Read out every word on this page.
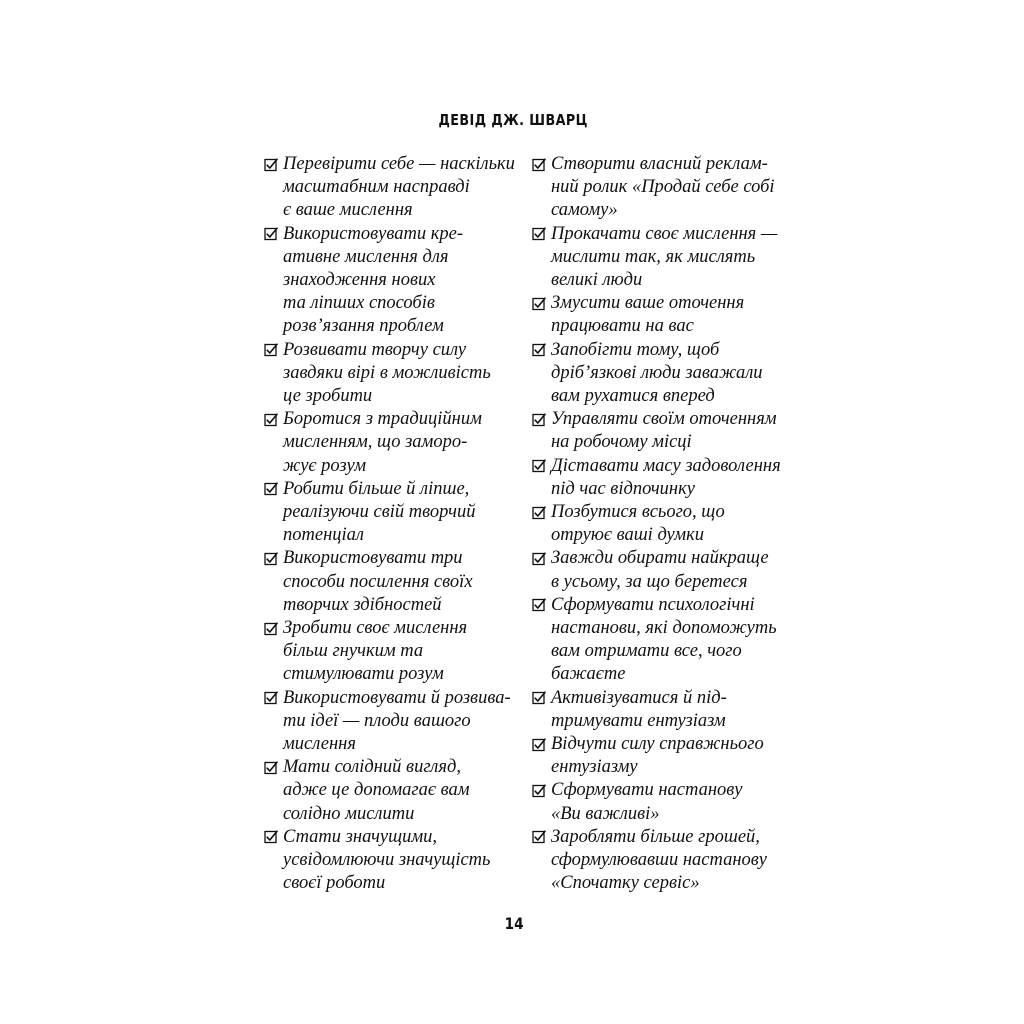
ДЕВІД ДЖ. ШВАРЦ
Перевірити себе — наскільки
масштабним насправді
є ваше мислення
Використовувати кре-
ативне мислення для
знаходження нових
та ліпших способів
розв’язання проблем
Розвивати творчу силу
завдяки вірі в можливість
це зробити
Боротися з традиційним
мисленням, що заморо-
жує розум
Робити більше й ліпше,
реалізуючи свій творчий
потенціал
Використовувати три
способи посилення своїх
творчих здібностей
Зробити своє мислення
більш гнучким та
стимулювати розум
Використовувати й розвива-
ти ідеї — плоди вашого
мислення
Мати солідний вигляд,
адже це допомагає вам
солідно мислити
Стати значущими,
усвідомлюючи значущість
своєї роботи
Створити власний реклам-
ний ролик «Продай себе собі
самому»
Прокачати своє мислення —
мислити так, як мислять
великі люди
Змусити ваше оточення
працювати на вас
Запобігти тому, щоб
дріб’язкові люди заважали
вам рухатися вперед
Управляти своїм оточенням
на робочому місці
Діставати масу задоволення
під час відпочинку
Позбутися всього, що
отруює ваші думки
Завжди обирати найкраще
в усьому, за що беретеся
Сформувати психологічні
настанови, які допоможуть
вам отримати все, чого
бажаєте
Активізуватися й під-
тримувати ентузіазм
Відчути силу справжнього
ентузіазму
Сформувати настанову
«Ви важливі»
Заробляти більше грошей,
сформулювавши настанову
«Спочатку сервіс»
14
